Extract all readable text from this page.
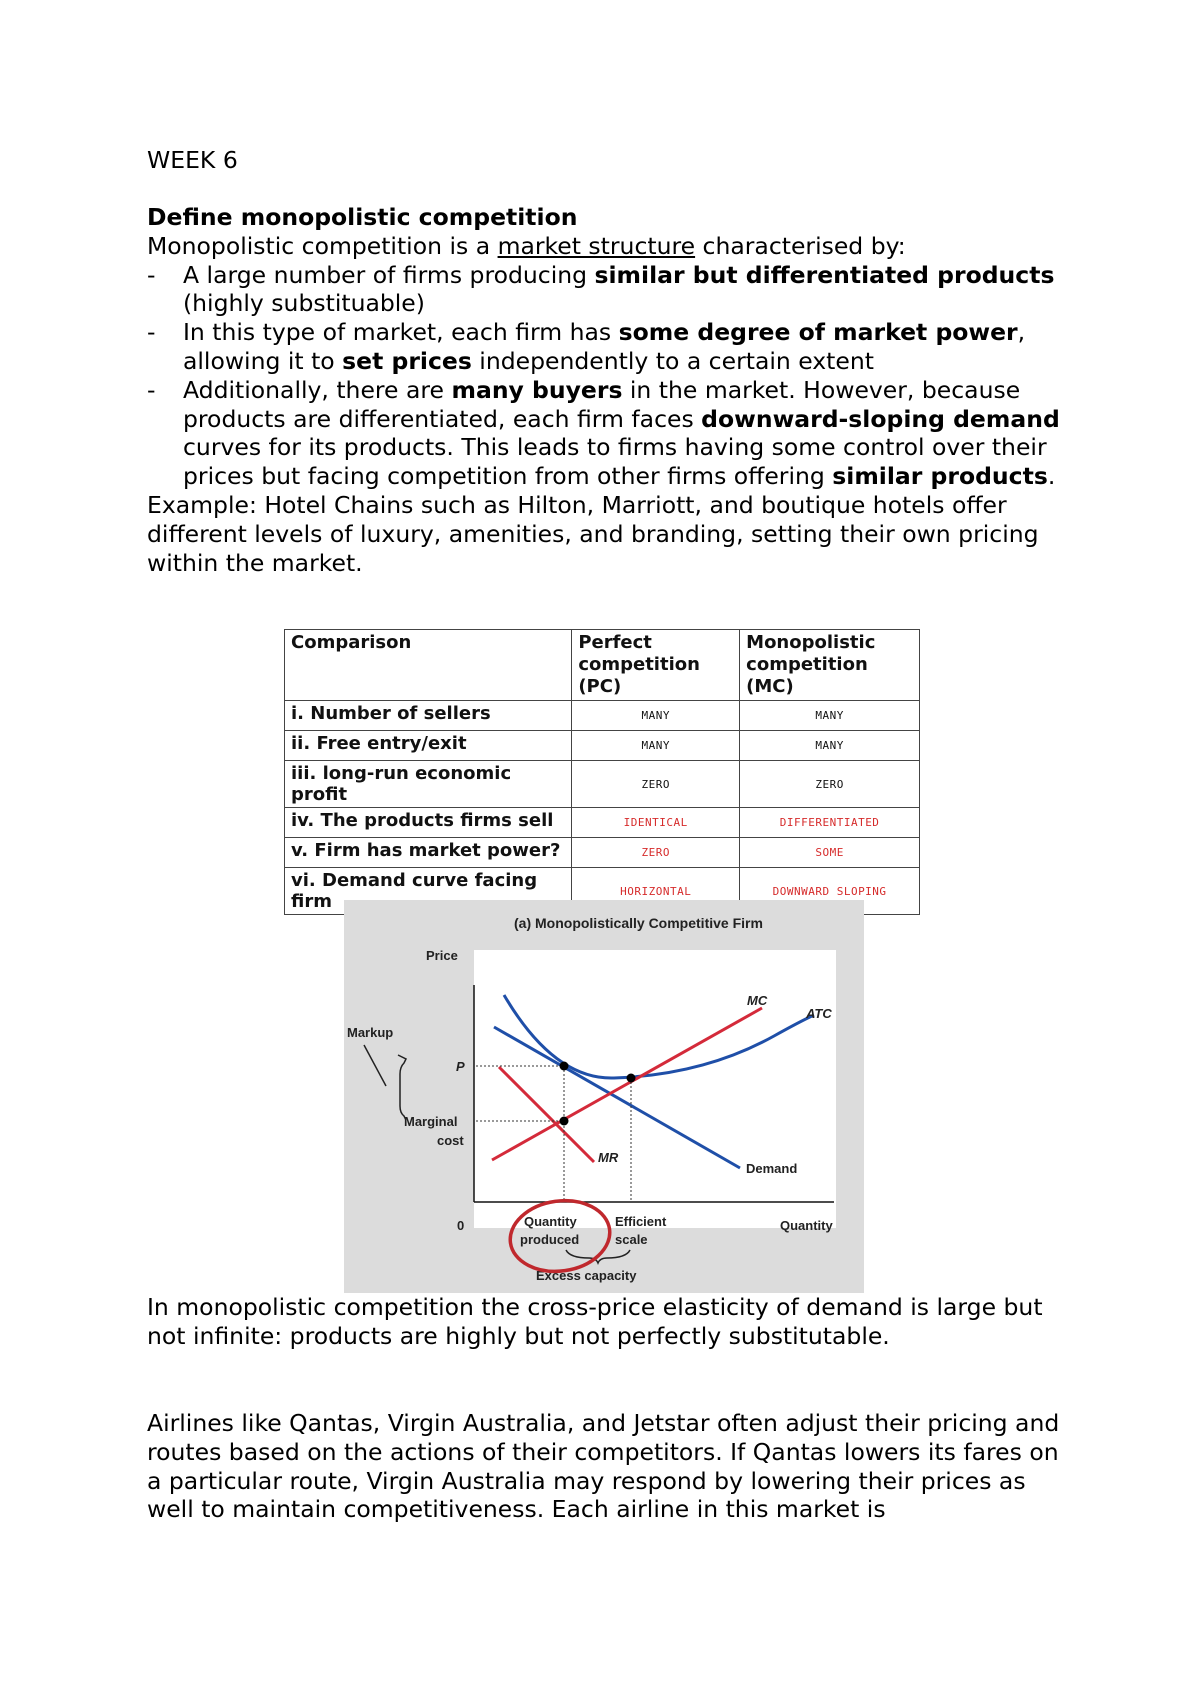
WEEK 6

Define monopolistic competition

Monopolistic competition is a market structure characterised by:

- A large number of firms producing similar but differentiated products (highly substituable)
- In this type of market, each firm has some degree of market power, allowing it to set prices independently to a certain extent
- Additionally, there are many buyers in the market. However, because products are differentiated, each firm faces downward-sloping demand curves for its products. This leads to firms having some control over their prices but facing competition from other firms offering similar products.

Example: Hotel Chains such as Hilton, Marriott, and boutique hotels offer different levels of luxury, amenities, and branding, setting their own pricing within the market.

Comparison	Perfect competition (PC)	Monopolistic competition (MC)
i. Number of sellers	MANY	MANY
ii. Free entry/exit	MANY	MANY
iii. long-run economic profit	ZERO	ZERO
iv. The products firms sell	IDENTICAL	DIFFERENTIATED
v. Firm has market power?	ZERO	SOME
vi. Demand curve facing firm	HORIZONTAL	DOWNWARD SLOPING
(a) Monopolistically Competitive Firm
Price
Quantity
0
MC
ATC
MR
Demand
P
Markup
Marginal
cost
Quantity
produced
Efficient
scale
Excess capacity

In monopolistic competition the cross-price elasticity of demand is large but not infinite: products are highly but not perfectly substitutable.

Airlines like Qantas, Virgin Australia, and Jetstar often adjust their pricing and routes based on the actions of their competitors. If Qantas lowers its fares on a particular route, Virgin Australia may respond by lowering their prices as well to maintain competitiveness. Each airline in this market is
